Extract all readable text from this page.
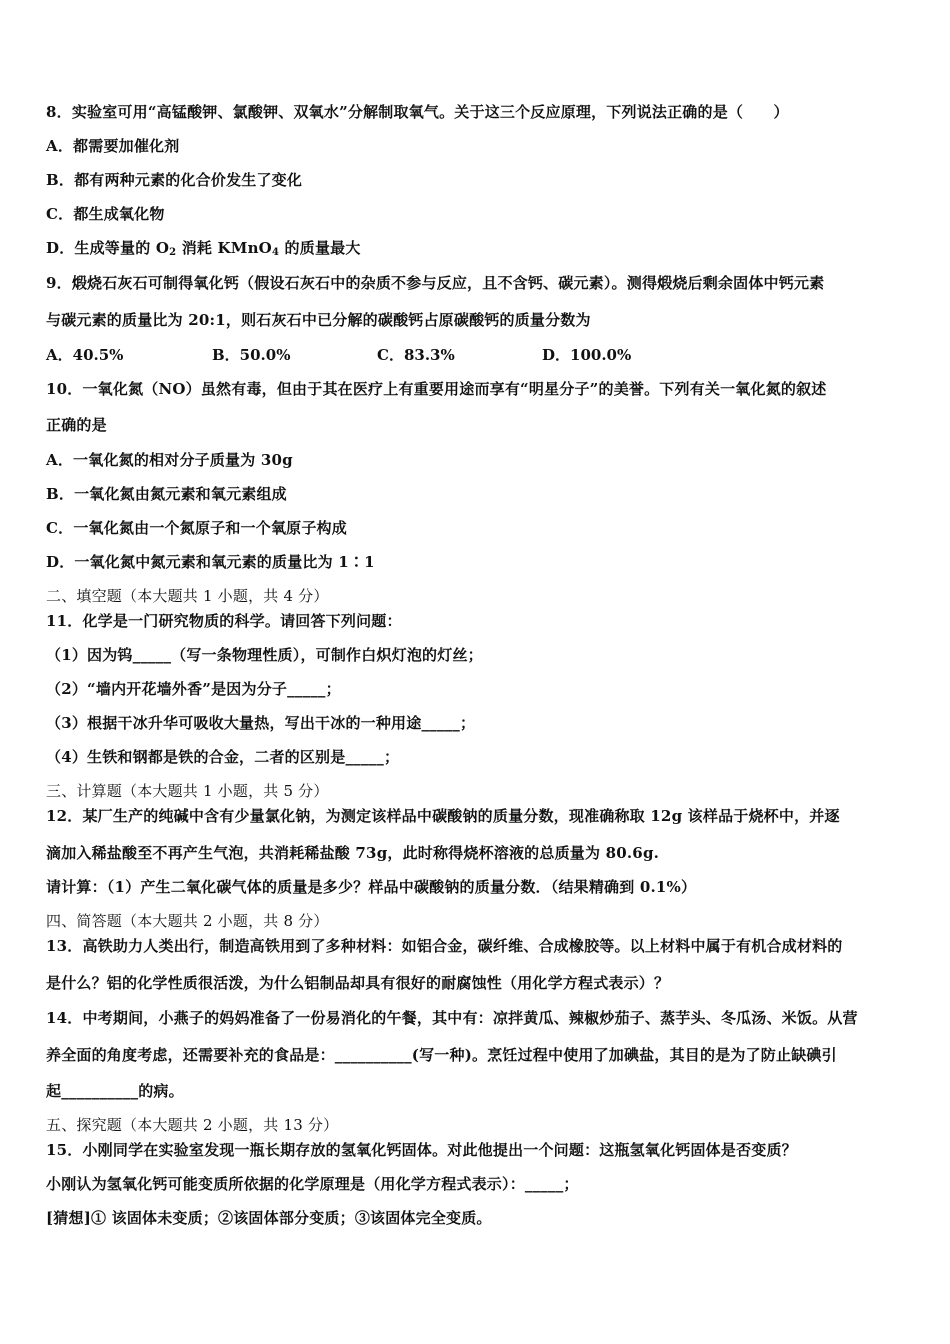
8．实验室可用“高锰酸钾、氯酸钾、双氧水”分解制取氧气。关于这三个反应原理，下列说法正确的是（　　）
A．都需要加催化剂
B．都有两种元素的化合价发生了变化
C．都生成氧化物
D．生成等量的 $O_2$ 消耗 KMnO$_4$ 的质量最大
9．煅烧石灰石可制得氧化钙（假设石灰石中的杂质不参与反应，且不含钙、碳元素）。测得煅烧后剩余固体中钙元素
与碳元素的质量比为 20:1，则石灰石中已分解的碳酸钙占原碳酸钙的质量分数为
A．40.5%	B．50.0%	C．83.3%	D．100.0%
10．一氧化氮（NO）虽然有毒，但由于其在医疗上有重要用途而享有“明星分子”的美誉。下列有关一氧化氮的叙述
正确的是
A．一氧化氮的相对分子质量为 30g
B．一氧化氮由氮元素和氧元素组成
C．一氧化氮由一个氮原子和一个氧原子构成
D．一氧化氮中氮元素和氧元素的质量比为 1∶1
二、填空题（本大题共 1 小题，共 4 分）
11．化学是一门研究物质的科学。请回答下列问题：
（1）因为钨_____（写一条物理性质），可制作白炽灯泡的灯丝；
（2）“墙内开花墙外香”是因为分子_____；
（3）根据干冰升华可吸收大量热，写出干冰的一种用途_____；
（4）生铁和钢都是铁的合金，二者的区别是_____；
三、计算题（本大题共 1 小题，共 5 分）
12．某厂生产的纯碱中含有少量氯化钠，为测定该样品中碳酸钠的质量分数，现准确称取 12g 该样品于烧杯中，并逐
滴加入稀盐酸至不再产生气泡，共消耗稀盐酸 73g，此时称得烧杯溶液的总质量为 80.6g.
请计算：（1）产生二氧化碳气体的质量是多少？样品中碳酸钠的质量分数．（结果精确到 0.1%）
四、简答题（本大题共 2 小题，共 8 分）
13．高铁助力人类出行，制造高铁用到了多种材料：如铝合金，碳纤维、合成橡胶等。以上材料中属于有机合成材料的
是什么？铝的化学性质很活泼，为什么铝制品却具有很好的耐腐蚀性（用化学方程式表示）？
14．中考期间，小燕子的妈妈准备了一份易消化的午餐，其中有：凉拌黄瓜、辣椒炒茄子、蒸芋头、冬瓜汤、米饭。从营
养全面的角度考虑，还需要补充的食品是：__________(写一种)。烹饪过程中使用了加碘盐，其目的是为了防止缺碘引
起__________的病。
五、探究题（本大题共 2 小题，共 13 分）
15．小刚同学在实验室发现一瓶长期存放的氢氧化钙固体。对此他提出一个问题：这瓶氢氧化钙固体是否变质？
小刚认为氢氧化钙可能变质所依据的化学原理是（用化学方程式表示）：_____；
[猜想]① 该固体未变质；②该固体部分变质；③该固体完全变质。
